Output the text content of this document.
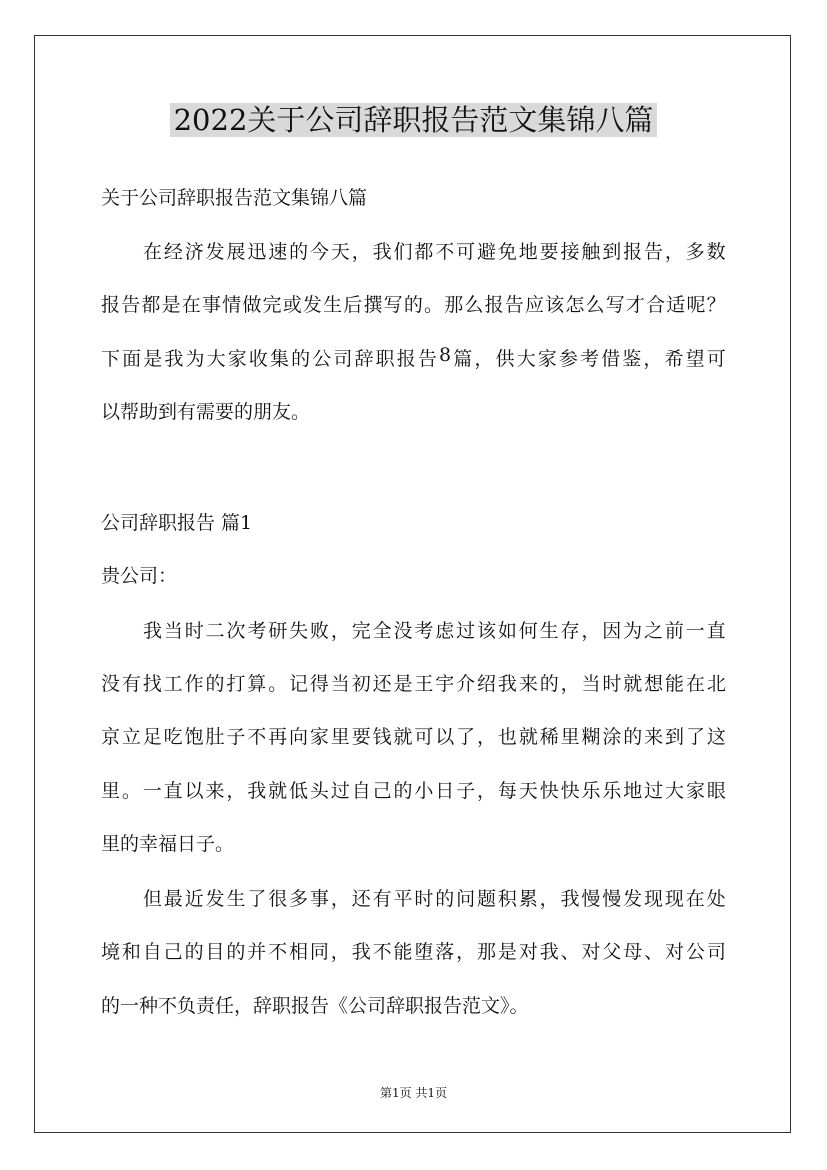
2022关于公司辞职报告范文集锦八篇
关于公司辞职报告范文集锦八篇
在 经 济 发 展 迅 速 的 今 天 ， 我 们 都 不 可 避 免 地 要 接 触 到 报 告 ， 多 数
报 告 都 是 在 事 情 做 完 或 发 生 后 撰 写 的 。 那 么 报 告 应 该 怎 么 写 才 合 适 呢 ？
下 面 是 我 为 大 家 收 集 的 公 司 辞 职 报 告 8 篇 ， 供 大 家 参 考 借 鉴 ， 希 望 可
以帮助到有需要的朋友。
公司辞职报告 篇1
贵公司：
我 当 时 二 次 考 研 失 败 ， 完 全 没 考 虑 过 该 如 何 生 存 ， 因 为 之 前 一 直
没 有 找 工 作 的 打 算 。 记 得 当 初 还 是 王 宇 介 绍 我 来 的 ， 当 时 就 想 能 在 北
京 立 足 吃 饱 肚 子 不 再 向 家 里 要 钱 就 可 以 了 ， 也 就 稀 里 糊 涂 的 来 到 了 这
里 。 一 直 以 来 ， 我 就 低 头 过 自 己 的 小 日 子 ， 每 天 快 快 乐 乐 地 过 大 家 眼
里的幸福日子。
但 最 近 发 生 了 很 多 事 ， 还 有 平 时 的 问 题 积 累 ， 我 慢 慢 发 现 现 在 处
境 和 自 己 的 目 的 并 不 相 同 ， 我 不 能 堕 落 ， 那 是 对 我 、 对 父 母 、 对 公 司
的一种不负责任，辞职报告《公司辞职报告范文》。
第1页 共1页
